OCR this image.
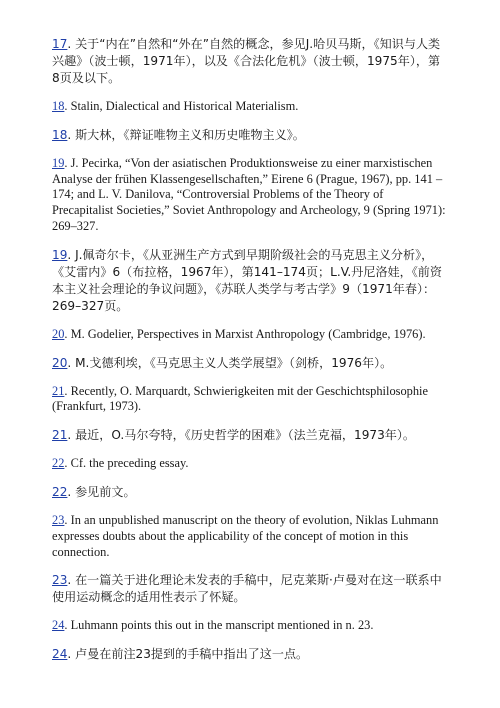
17. 关于“内在”自然和“外在”自然的概念，参见J.哈贝马斯，《知识与人类兴趣》（波士顿，1971年），以及《合法化危机》（波士顿，1975年），第8页及以下。

18. Stalin, Dialectical and Historical Materialism.

18. 斯大林，《辩证唯物主义和历史唯物主义》。

19. J. Pecirka, “Von der asiatischen Produktionsweise zu einer marxistischen Analyse der frühen Klassengesellschaften,” Eirene 6 (Prague, 1967), pp. 141 – 174; and L. V. Danilova, “Controversial Problems of the Theory of Precapitalist Societies,” Soviet Anthropology and Archeology, 9 (Spring 1971): 269–327.

19. J.佩奇尔卡，《从亚洲生产方式到早期阶级社会的马克思主义分析》，《艾雷内》6（布拉格，1967年），第141–174页；L.V.丹尼洛娃，《前资本主义社会理论的争议问题》，《苏联人类学与考古学》9（1971年春）：269–327页。

20. M. Godelier, Perspectives in Marxist Anthropology (Cambridge, 1976).

20. M.戈德利埃，《马克思主义人类学展望》（剑桥，1976年）。

21. Recently, O. Marquardt, Schwierigkeiten mit der Geschichtsphilosophie (Frankfurt, 1973).

21. 最近，O.马尔夸特，《历史哲学的困难》（法兰克福，1973年）。

22. Cf. the preceding essay.

22. 参见前文。

23. In an unpublished manuscript on the theory of evolution, Niklas Luhmann expresses doubts about the applicability of the concept of motion in this connection.

23. 在一篇关于进化理论未发表的手稿中，尼克莱斯·卢曼对在这一联系中使用运动概念的适用性表示了怀疑。

24. Luhmann points this out in the manscript mentioned in n. 23.

24. 卢曼在前注23提到的手稿中指出了这一点。
